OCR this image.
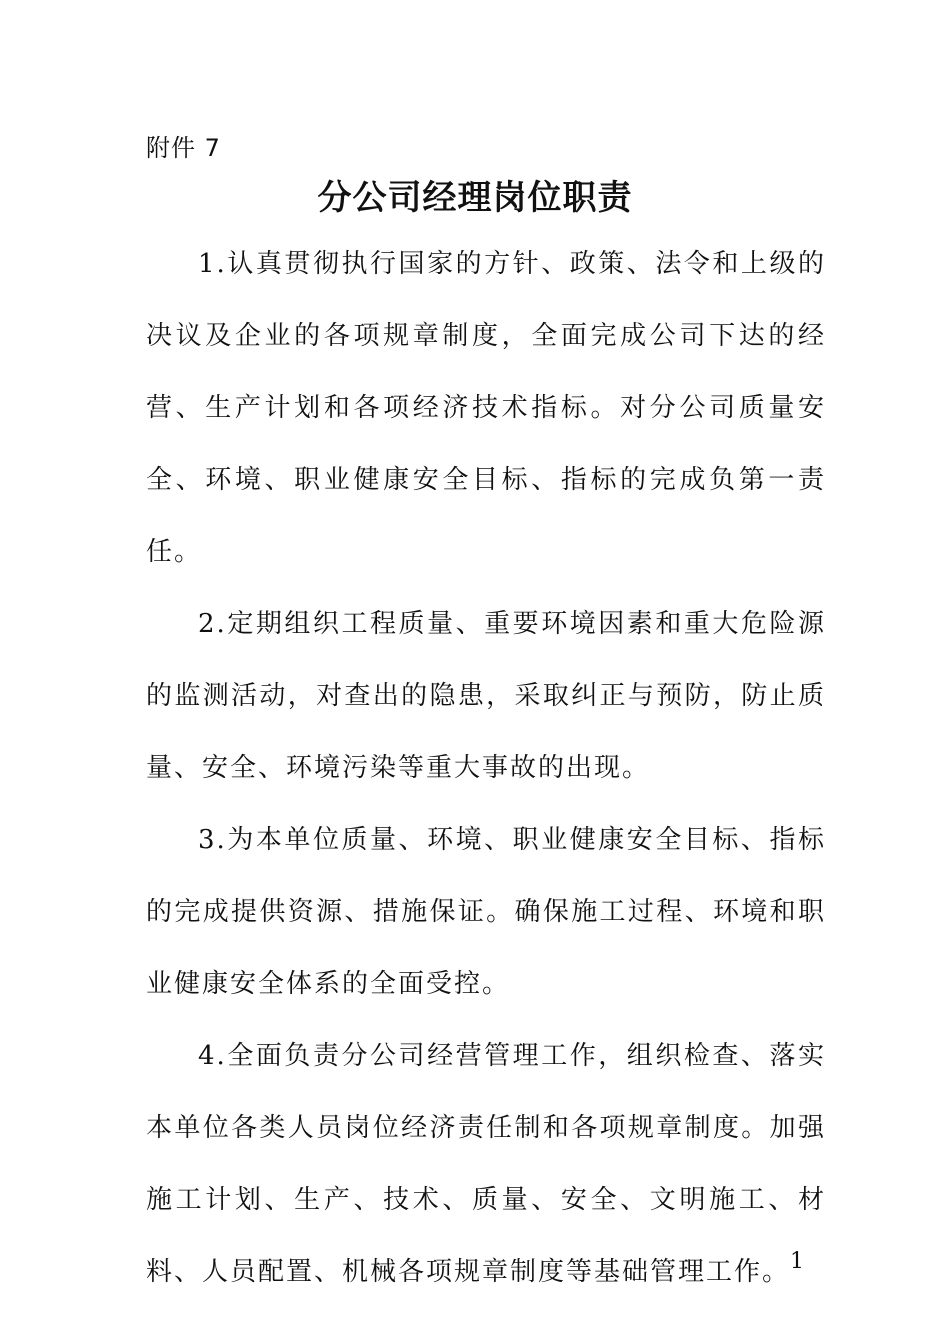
附件 7
分公司经理岗位职责

1.认真贯彻执行国家的方针、政策、法令和上级的决议及企业的各项规章制度，全面完成公司下达的经营、生产计划和各项经济技术指标。对分公司质量安全、环境、职业健康安全目标、指标的完成负第一责任。

2.定期组织工程质量、重要环境因素和重大危险源的监测活动，对查出的隐患，采取纠正与预防，防止质量、安全、环境污染等重大事故的出现。

3.为本单位质量、环境、职业健康安全目标、指标的完成提供资源、措施保证。确保施工过程、环境和职业健康安全体系的全面受控。

4.全面负责分公司经营管理工作，组织检查、落实本单位各类人员岗位经济责任制和各项规章制度。加强施工计划、生产、技术、质量、安全、文明施工、材料、人员配置、机械各项规章制度等基础管理工作。 1
